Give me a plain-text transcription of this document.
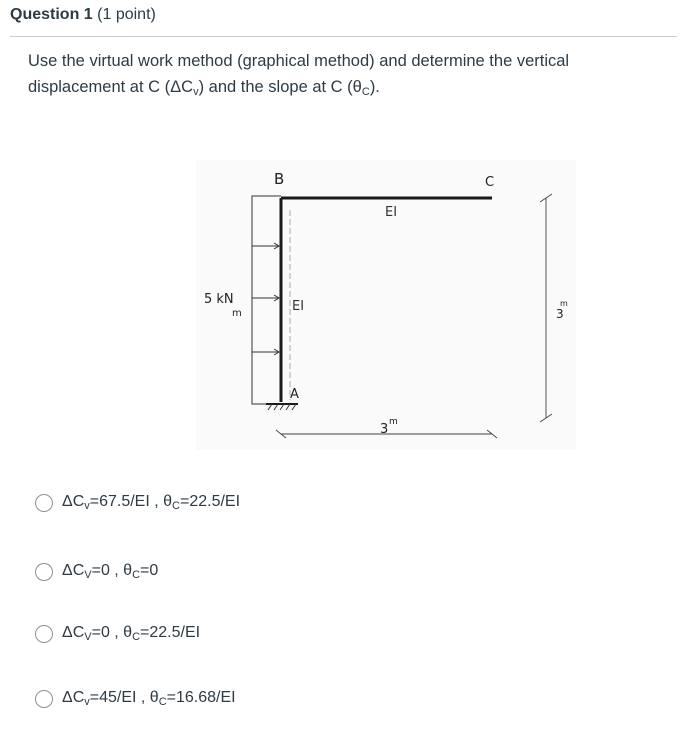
Question 1 (1 point)
Use the virtual work method (graphical method) and determine the vertical
displacement at C $(\Delta C_v)$ and the slope at C $(\theta_C)$.
B	C
EI
EI
A
5 kN
m	3
m
3 m
$\Delta C_v=67.5/EI$ , $\theta_C=22.5/EI$
$\Delta C_V=0$ , $\theta_C=0$
$\Delta C_V=0$ , $\theta_C=22.5/EI$
$\Delta C_v=45/EI$ , $\theta_C=16.68/EI$
